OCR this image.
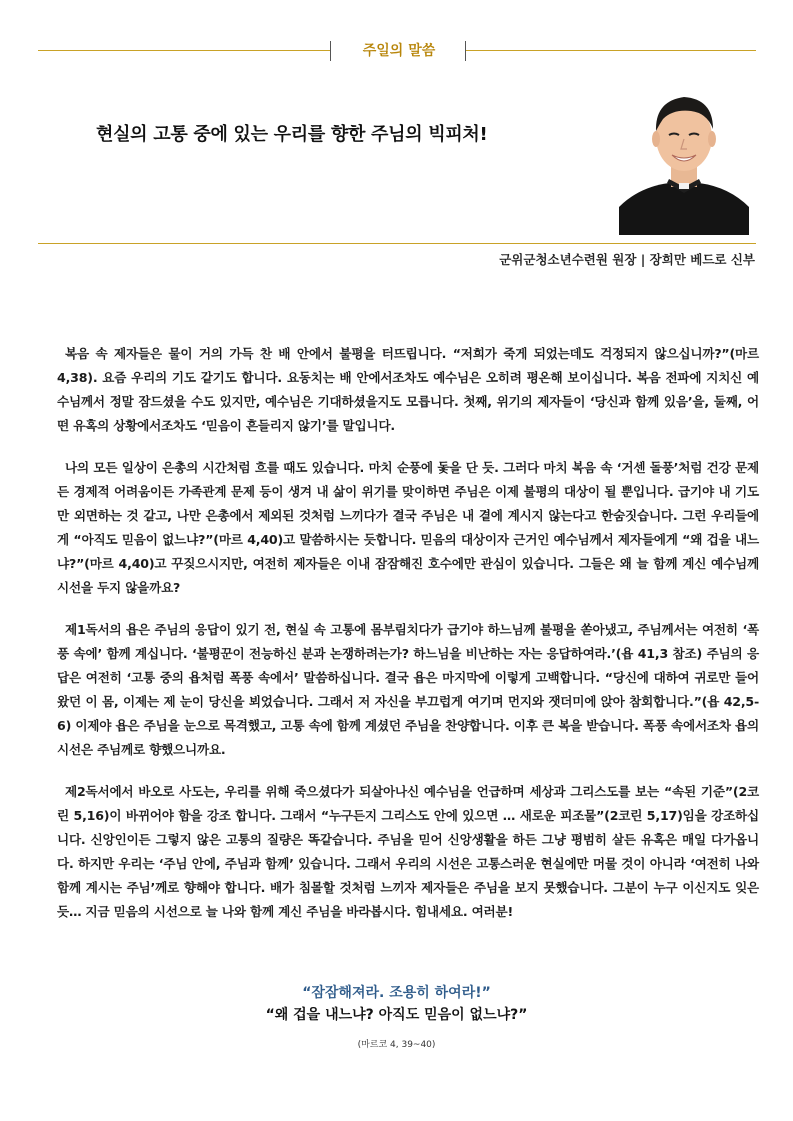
주일의 말씀
현실의 고통 중에 있는 우리를 향한 주님의 빅피처!
군위군청소년수련원 원장 | 장희만 베드로 신부

복음 속 제자들은 물이 거의 가득 찬 배 안에서 불평을 터뜨립니다. “저희가 죽게 되었는데도 걱정되지 않으십니까?”(마르 4,38). 요즘 우리의 기도 같기도 합니다. 요동치는 배 안에서조차도 예수님은 오히려 평온해 보이십니다. 복음 전파에 지치신 예수님께서 정말 잠드셨을 수도 있지만, 예수님은 기대하셨을지도 모릅니다. 첫째, 위기의 제자들이 ‘당신과 함께 있음’을, 둘째, 어떤 유혹의 상황에서조차도 ‘믿음이 흔들리지 않기’를 말입니다.

나의 모든 일상이 은총의 시간처럼 흐를 때도 있습니다. 마치 순풍에 돛을 단 듯. 그러다 마치 복음 속 ‘거센 돌풍’처럼 건강 문제든 경제적 어려움이든 가족관계 문제 등이 생겨 내 삶이 위기를 맞이하면 주님은 이제 불평의 대상이 될 뿐입니다. 급기야 내 기도만 외면하는 것 같고, 나만 은총에서 제외된 것처럼 느끼다가 결국 주님은 내 곁에 계시지 않는다고 한숨짓습니다. 그런 우리들에게 “아직도 믿음이 없느냐?”(마르 4,40)고 말씀하시는 듯합니다. 믿음의 대상이자 근거인 예수님께서 제자들에게 “왜 겁을 내느냐?”(마르 4,40)고 꾸짖으시지만, 여전히 제자들은 이내 잠잠해진 호수에만 관심이 있습니다. 그들은 왜 늘 함께 계신 예수님께 시선을 두지 않을까요?

제1독서의 욥은 주님의 응답이 있기 전, 현실 속 고통에 몸부림치다가 급기야 하느님께 불평을 쏟아냈고, 주님께서는 여전히 ‘폭풍 속에’ 함께 계십니다. ‘불평꾼이 전능하신 분과 논쟁하려는가? 하느님을 비난하는 자는 응답하여라.’(욥 41,3 참조) 주님의 응답은 여전히 ‘고통 중의 욥처럼 폭풍 속에서’ 말씀하십니다. 결국 욥은 마지막에 이렇게 고백합니다. “당신에 대하여 귀로만 들어 왔던 이 몸, 이제는 제 눈이 당신을 뵈었습니다. 그래서 저 자신을 부끄럽게 여기며 먼지와 잿더미에 앉아 참회합니다.”(욥 42,5-6) 이제야 욥은 주님을 눈으로 목격했고, 고통 속에 함께 계셨던 주님을 찬양합니다. 이후 큰 복을 받습니다. 폭풍 속에서조차 욥의 시선은 주님께로 향했으니까요.

제2독서에서 바오로 사도는, 우리를 위해 죽으셨다가 되살아나신 예수님을 언급하며 세상과 그리스도를 보는 “속된 기준”(2코린 5,16)이 바뀌어야 함을 강조 합니다. 그래서 “누구든지 그리스도 안에 있으면 … 새로운 피조물”(2코린 5,17)임을 강조하십니다. 신앙인이든 그렇지 않은 고통의 질량은 똑같습니다. 주님을 믿어 신앙생활을 하든 그냥 평범히 살든 유혹은 매일 다가옵니다. 하지만 우리는 ‘주님 안에, 주님과 함께’ 있습니다. 그래서 우리의 시선은 고통스러운 현실에만 머물 것이 아니라 ‘여전히 나와 함께 계시는 주님’께로 향해야 합니다. 배가 침몰할 것처럼 느끼자 제자들은 주님을 보지 못했습니다. 그분이 누구 이신지도 잊은 듯… 지금 믿음의 시선으로 늘 나와 함께 계신 주님을 바라봅시다. 힘내세요. 여러분!

“잠잠해져라. 조용히 하여라!”
“왜 겁을 내느냐? 아직도 믿음이 없느냐?”
(마르코 4, 39~40)
